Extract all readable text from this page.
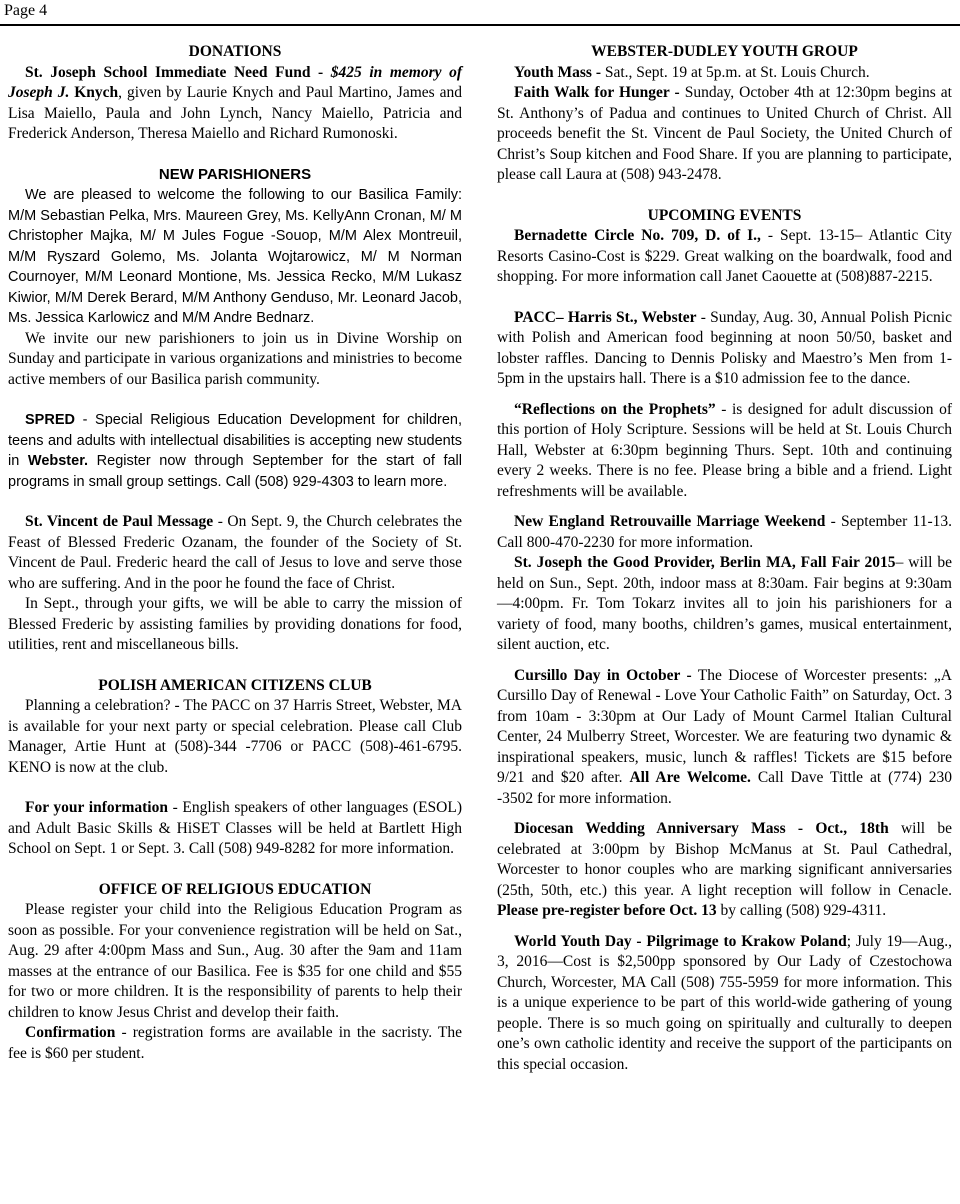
Page 4

DONATIONS

St. Joseph School Immediate Need Fund - $425 in memory of Joseph J. Knych, given by Laurie Knych and Paul Martino, James and Lisa Maiello, Paula and John Lynch, Nancy Maiello, Patricia and Frederick Anderson, Theresa Maiello and Richard Rumonoski.

NEW PARISHIONERS

We are pleased to welcome the following to our Basilica Family: M/M Sebastian Pelka, Mrs. Maureen Grey, Ms. KellyAnn Cronan, M/ M Christopher Majka, M/ M Jules Fogue -Souop, M/M Alex Montreuil, M/M Ryszard Golemo, Ms. Jolanta Wojtarowicz, M/ M Norman Cournoyer, M/M Leonard Montione, Ms. Jessica Recko, M/M Lukasz Kiwior, M/M Derek Berard, M/M Anthony Genduso, Mr. Leonard Jacob, Ms. Jessica Karlowicz and M/M Andre Bednarz.

We invite our new parishioners to join us in Divine Worship on Sunday and participate in various organizations and ministries to become active members of our Basilica parish community.

SPRED - Special Religious Education Development for children, teens and adults with intellectual disabilities is accepting new students in Webster. Register now through September for the start of fall programs in small group settings. Call (508) 929-4303 to learn more.

St. Vincent de Paul Message - On Sept. 9, the Church celebrates the Feast of Blessed Frederic Ozanam, the founder of the Society of St. Vincent de Paul. Frederic heard the call of Jesus to love and serve those who are suffering. And in the poor he found the face of Christ.

In Sept., through your gifts, we will be able to carry the mission of Blessed Frederic by assisting families by providing donations for food, utilities, rent and miscellaneous bills.

POLISH AMERICAN CITIZENS CLUB

Planning a celebration? - The PACC on 37 Harris Street, Webster, MA is available for your next party or special celebration. Please call Club Manager, Artie Hunt at (508)-344 -7706 or PACC (508)-461-6795. KENO is now at the club.

For your information - English speakers of other languages (ESOL) and Adult Basic Skills & HiSET Classes will be held at Bartlett High School on Sept. 1 or Sept. 3. Call (508) 949-8282 for more information.

OFFICE OF RELIGIOUS EDUCATION

Please register your child into the Religious Education Program as soon as possible. For your convenience registration will be held on Sat., Aug. 29 after 4:00pm Mass and Sun., Aug. 30 after the 9am and 11am masses at the entrance of our Basilica. Fee is $35 for one child and $55 for two or more children. It is the responsibility of parents to help their children to know Jesus Christ and develop their faith.

Confirmation - registration forms are available in the sacristy. The fee is $60 per student.

WEBSTER-DUDLEY YOUTH GROUP

Youth Mass - Sat., Sept. 19 at 5p.m. at St. Louis Church.

Faith Walk for Hunger - Sunday, October 4th at 12:30pm begins at St. Anthony’s of Padua and continues to United Church of Christ. All proceeds benefit the St. Vincent de Paul Society, the United Church of Christ’s Soup kitchen and Food Share. If you are planning to participate, please call Laura at (508) 943-2478.

UPCOMING EVENTS

Bernadette Circle No. 709, D. of I., - Sept. 13-15– Atlantic City Resorts Casino-Cost is $229. Great walking on the boardwalk, food and shopping. For more information call Janet Caouette at (508)887-2215.

PACC– Harris St., Webster - Sunday, Aug. 30, Annual Polish Picnic with Polish and American food beginning at noon 50/50, basket and lobster raffles. Dancing to Dennis Polisky and Maestro’s Men from 1-5pm in the upstairs hall. There is a $10 admission fee to the dance.

“Reflections on the Prophets” - is designed for adult discussion of this portion of Holy Scripture. Sessions will be held at St. Louis Church Hall, Webster at 6:30pm beginning Thurs. Sept. 10th and continuing every 2 weeks. There is no fee. Please bring a bible and a friend. Light refreshments will be available.

New England Retrouvaille Marriage Weekend - September 11-13. Call 800-470-2230 for more information.

St. Joseph the Good Provider, Berlin MA, Fall Fair 2015– will be held on Sun., Sept. 20th, indoor mass at 8:30am. Fair begins at 9:30am—4:00pm. Fr. Tom Tokarz invites all to join his parishioners for a variety of food, many booths, children’s games, musical entertainment, silent auction, etc.

Cursillo Day in October - The Diocese of Worcester presents: „A Cursillo Day of Renewal - Love Your Catholic Faith” on Saturday, Oct. 3 from 10am - 3:30pm at Our Lady of Mount Carmel Italian Cultural Center, 24 Mulberry Street, Worcester. We are featuring two dynamic & inspirational speakers, music, lunch & raffles! Tickets are $15 before 9/21 and $20 after. All Are Welcome. Call Dave Tittle at (774) 230 -3502 for more information.

Diocesan Wedding Anniversary Mass - Oct., 18th will be celebrated at 3:00pm by Bishop McManus at St. Paul Cathedral, Worcester to honor couples who are marking significant anniversaries (25th, 50th, etc.) this year. A light reception will follow in Cenacle. Please pre-register before Oct. 13 by calling (508) 929-4311.

World Youth Day - Pilgrimage to Krakow Poland; July 19—Aug., 3, 2016—Cost is $2,500pp sponsored by Our Lady of Czestochowa Church, Worcester, MA Call (508) 755-5959 for more information. This is a unique experience to be part of this world-wide gathering of young people. There is so much going on spiritually and culturally to deepen one’s own catholic identity and receive the support of the participants on this special occasion.
